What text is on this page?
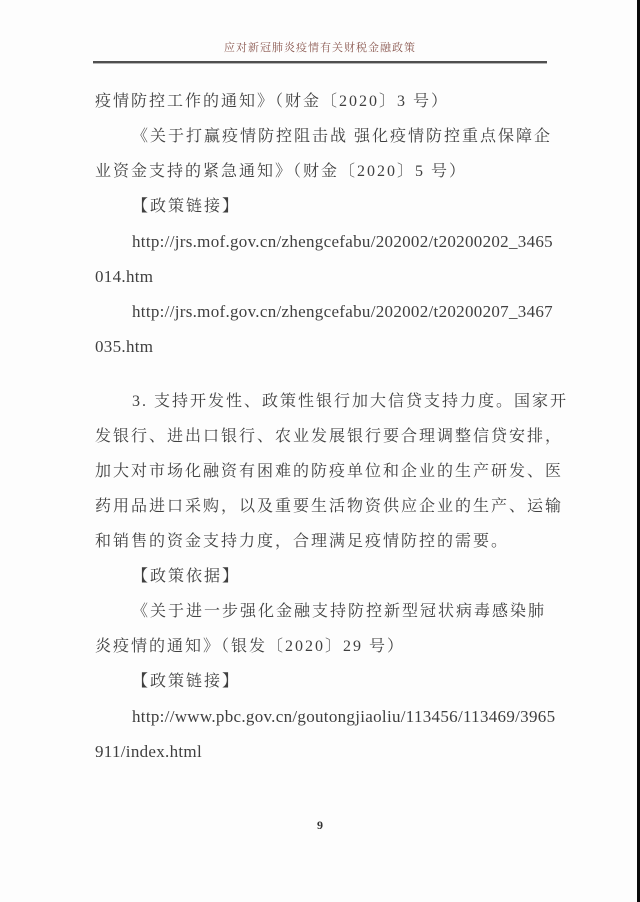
应对新冠肺炎疫情有关财税金融政策
疫情防控工作的通知》（财金〔2020〕3 号）
《关于打赢疫情防控阻击战 强化疫情防控重点保障企
业资金支持的紧急通知》（财金〔2020〕5 号）
【政策链接】
http://jrs.mof.gov.cn/zhengcefabu/202002/t20200202_3465
014.htm
http://jrs.mof.gov.cn/zhengcefabu/202002/t20200207_3467
035.htm
3. 支持开发性、政策性银行加大信贷支持力度。国家开
发银行、进出口银行、农业发展银行要合理调整信贷安排，
加大对市场化融资有困难的防疫单位和企业的生产研发、医
药用品进口采购，以及重要生活物资供应企业的生产、运输
和销售的资金支持力度，合理满足疫情防控的需要。
【政策依据】
《关于进一步强化金融支持防控新型冠状病毒感染肺
炎疫情的通知》（银发〔2020〕29 号）
【政策链接】
http://www.pbc.gov.cn/goutongjiaoliu/113456/113469/3965
911/index.html
9
